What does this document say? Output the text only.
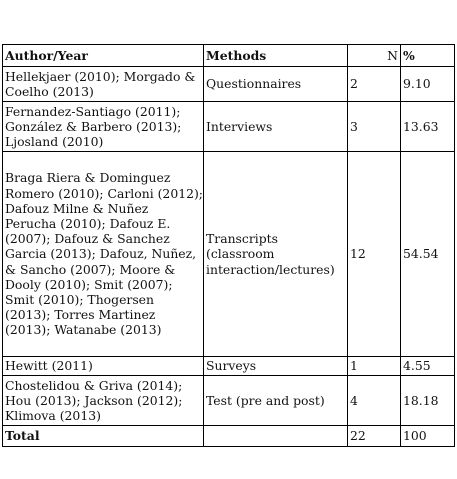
Author/Year	Methods	N	%
Hellekjaer (2010); Morgado & Coelho (2013)	Questionnaires	2	9.10
Fernandez-Santiago (2011); González & Barbero (2013); Ljosland (2010)	Interviews	3	13.63
Braga Riera & Dominguez Romero (2010); Carloni (2012); Dafouz Milne & Nuñez Perucha (2010); Dafouz E. (2007); Dafouz & Sanchez Garcia (2013); Dafouz, Nuñez, & Sancho (2007); Moore & Dooly (2010); Smit (2007); Smit (2010); Thogersen (2013); Torres Martinez (2013); Watanabe (2013)	Transcripts (classroom interaction/lectures)	12	54.54
Hewitt (2011)	Surveys	1	4.55
Chostelidou & Griva (2014); Hou (2013); Jackson (2012); Klimova (2013)	Test (pre and post)	4	18.18
Total		22	100
